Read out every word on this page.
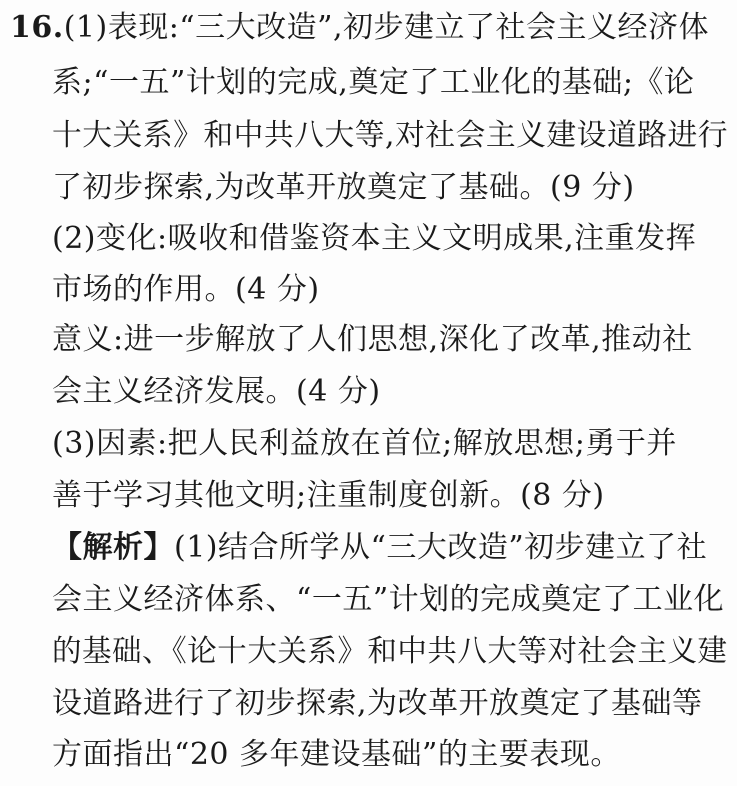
16.(1)表现:“三大改造”,初步建立了社会主义经济体
系;“一五”计划的完成,奠定了工业化的基础;《论
十大关系》和中共八大等,对社会主义建设道路进行
了初步探索,为改革开放奠定了基础。(9 分)
(2)变化:吸收和借鉴资本主义文明成果,注重发挥
市场的作用。(4 分)
意义:进一步解放了人们思想,深化了改革,推动社
会主义经济发展。(4 分)
(3)因素:把人民利益放在首位;解放思想;勇于并
善于学习其他文明;注重制度创新。(8 分)
【解析】(1)结合所学从“三大改造”初步建立了社
会主义经济体系、“一五”计划的完成奠定了工业化
的基础、《论十大关系》和中共八大等对社会主义建
设道路进行了初步探索,为改革开放奠定了基础等
方面指出“20 多年建设基础”的主要表现。
